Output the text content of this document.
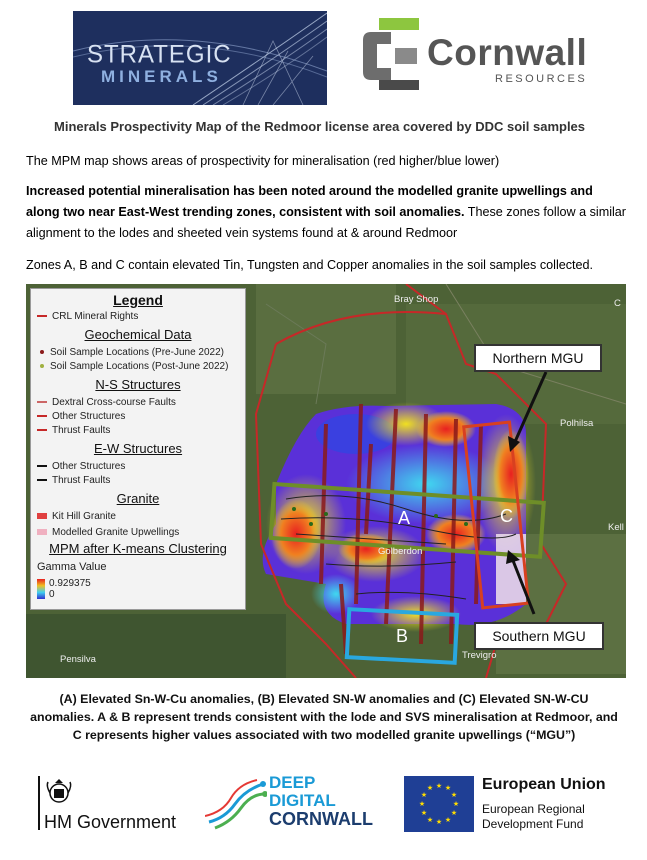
STRATEGIC
MINERALS
Cornwall
RESOURCES
Minerals Prospectivity Map of the Redmoor license area covered by DDC soil samples
The MPM map shows areas of prospectivity for mineralisation (red higher/blue lower)
Increased potential mineralisation has been noted around the modelled granite upwellings and along two near East-West trending zones, consistent with soil anomalies. These zones follow a similar alignment to the lodes and sheeted vein systems found at & around Redmoor
Zones A, B and C contain elevated Tin, Tungsten and Copper anomalies in the soil samples collected.
Legend
CRL Mineral Rights
Geochemical Data
Soil Sample Locations (Pre-June 2022)
Soil Sample Locations (Post-June 2022)
N-S Structures
Dextral Cross-course Faults
Other Structures
Thrust Faults
E-W Structures
Other Structures
Thrust Faults
Granite
Kit Hill Granite
Modelled Granite Upwellings
MPM after K-means Clustering
Gamma Value
0.929375
0
Bray Shop
Polhilsa
Golberdon
Pensilva	Trevigro
Kell
C
A
B
C
Northern MGU
Southern MGU
(A) Elevated Sn-W-Cu anomalies, (B) Elevated SN-W anomalies and (C) Elevated SN-W-CU anomalies. A & B represent trends consistent with the lode and SVS mineralisation at Redmoor, and C represents higher values associated with two modelled granite upwellings (“MGU”)
HM Government
DEEP
DIGITAL
CORNWALL
★ ★
★
★
★
★
★
★
★
★
★
★	European Union
European Regional
Development Fund
